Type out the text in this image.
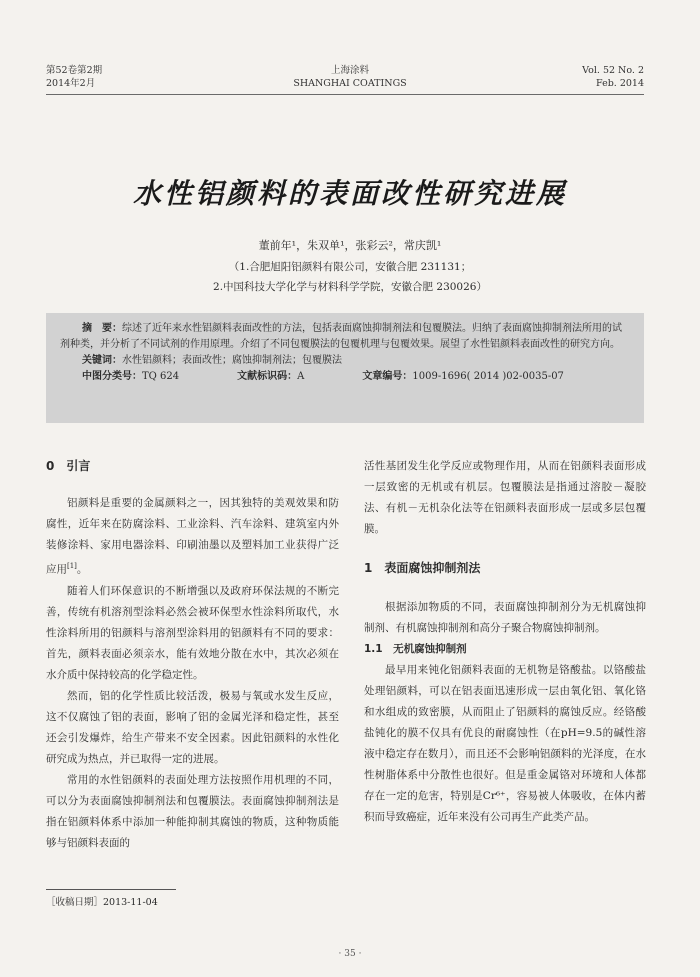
第52卷第2期
2014年2月
上海涂料
SHANGHAI COATINGS
Vol. 52 No. 2
Feb. 2014
水性铝颜料的表面改性研究进展
董前年¹，朱双单¹，张彩云²，常庆凯¹
（1.合肥旭阳铝颜料有限公司，安徽合肥 231131；
2.中国科技大学化学与材料科学学院，安徽合肥 230026）
摘　要：综述了近年来水性铝颜料表面改性的方法，包括表面腐蚀抑制剂法和包覆膜法。归纳了表面腐蚀抑制剂法所用的试剂种类，并分析了不同试剂的作用原理。介绍了不同包覆膜法的包覆机理与包覆效果。展望了水性铝颜料表面改性的研究方向。
关键词：水性铝颜料；表面改性；腐蚀抑制剂法；包覆膜法
中图分类号：TQ 624	文献标识码：A	文章编号：1009-1696( 2014 )02-0035-07
0　引言

铝颜料是重要的金属颜料之一，因其独特的美观效果和防腐性，近年来在防腐涂料、工业涂料、汽车涂料、建筑室内外装修涂料、家用电器涂料、印刷油墨以及塑料加工业获得广泛应用[1]。

随着人们环保意识的不断增强以及政府环保法规的不断完善，传统有机溶剂型涂料必然会被环保型水性涂料所取代，水性涂料所用的铝颜料与溶剂型涂料用的铝颜料有不同的要求：首先，颜料表面必须亲水，能有效地分散在水中，其次必须在水介质中保持较高的化学稳定性。

然而，铝的化学性质比较活泼，极易与氧或水发生反应，这不仅腐蚀了铝的表面，影响了铝的金属光泽和稳定性，甚至还会引发爆炸，给生产带来不安全因素。因此铝颜料的水性化研究成为热点，并已取得一定的进展。

常用的水性铝颜料的表面处理方法按照作用机理的不同，可以分为表面腐蚀抑制剂法和包覆膜法。表面腐蚀抑制剂法是指在铝颜料体系中添加一种能抑制其腐蚀的物质，这种物质能够与铝颜料表面的

活性基团发生化学反应或物理作用，从而在铝颜料表面形成一层致密的无机或有机层。包覆膜法是指通过溶胶－凝胶法、有机－无机杂化法等在铝颜料表面形成一层或多层包覆膜。

1　表面腐蚀抑制剂法

根据添加物质的不同，表面腐蚀抑制剂分为无机腐蚀抑制剂、有机腐蚀抑制剂和高分子聚合物腐蚀抑制剂。

1.1　无机腐蚀抑制剂

最早用来钝化铝颜料表面的无机物是铬酸盐。以铬酸盐处理铝颜料，可以在铝表面迅速形成一层由氧化铝、氧化铬和水组成的致密膜，从而阻止了铝颜料的腐蚀反应。经铬酸盐钝化的膜不仅具有优良的耐腐蚀性（在pH=9.5的碱性溶液中稳定存在数月），而且还不会影响铝颜料的光泽度，在水性树脂体系中分散性也很好。但是重金属铬对环境和人体都存在一定的危害，特别是Cr⁶⁺，容易被人体吸收，在体内蓄积而导致癌症，近年来没有公司再生产此类产品。

［收稿日期］2013-11-04
· 35 ·
